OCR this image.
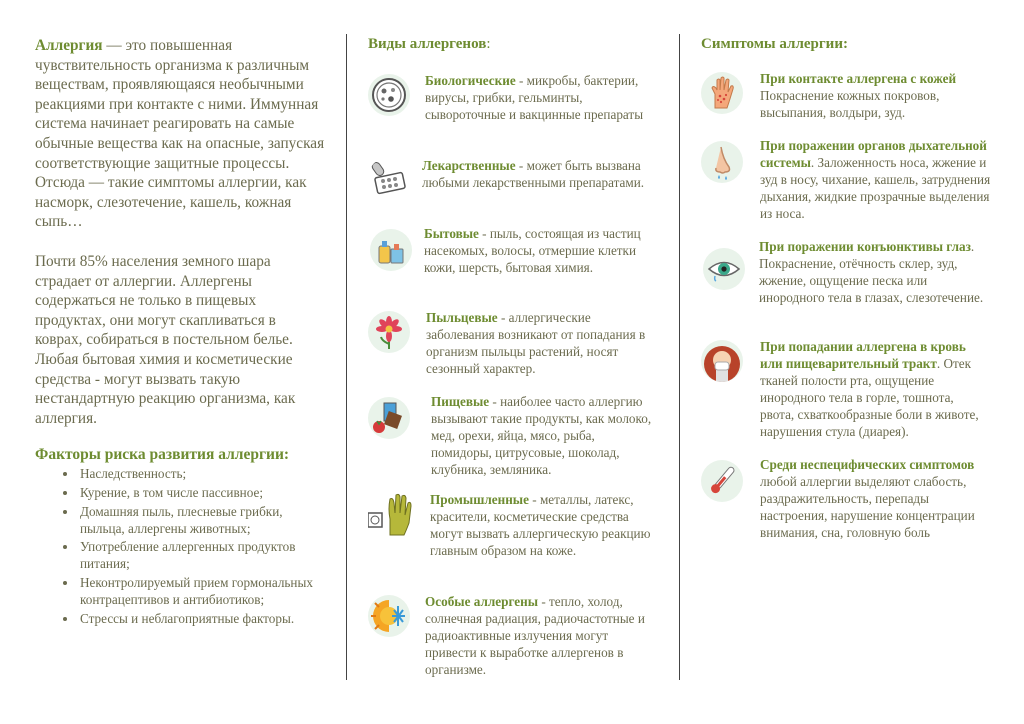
Аллергия — это повышенная чувствительность организма к различным веществам, проявляющаяся необычными реакциями при контакте с ними. Иммунная система начинает реагировать на самые обычные вещества как на опасные, запуская соответствующие защитные процессы. Отсюда — такие симптомы аллергии, как насморк, слезотечение, кашель, кожная сыпь…

Почти 85% населения земного шара страдает от аллергии. Аллергены содержаться не только в пищевых продуктах, они могут скапливаться в коврах, собираться в постельном белье. Любая бытовая химия и косметические средства - могут вызвать такую нестандартную реакцию организма, как аллергия.

Факторы риска развития аллергии:
• Наследственность;
• Курение, в том числе пассивное;
• Домашняя пыль, плесневые грибки, пыльца, аллергены животных;
• Употребление аллергенных продуктов питания;
• Неконтролируемый прием гормональных контрацептивов и антибиотиков;
• Стрессы и неблагоприятные факторы.
Виды аллергенов:

Биологические - микробы, бактерии, вирусы, грибки, гельминты, сывороточные и вакцинные препараты

Лекарственные - может быть вызвана любыми лекарственными препаратами.

Бытовые - пыль, состоящая из частиц насекомых, волосы, отмершие клетки кожи, шерсть, бытовая химия.

Пыльцевые - аллергические заболевания возникают от попадания в организм пыльцы растений, носят сезонный характер.

Пищевые - наиболее часто аллергию вызывают такие продукты, как молоко, мед, орехи, яйца, мясо, рыба, помидоры, цитрусовые, шоколад, клубника, земляника.

Промышленные - металлы, латекс, красители, косметические средства могут вызвать аллергическую реакцию главным образом на коже.

Особые аллергены - тепло, холод, солнечная радиация, радиочастотные и радиоактивные излучения могут привести к выработке аллергенов в организме.

Симптомы аллергии:

При контакте аллергена с кожей Покраснение кожных покровов, высыпания, волдыри, зуд.

При поражении органов дыхательной системы. Заложенность носа, жжение и зуд в носу, чихание, кашель, затруднения дыхания, жидкие прозрачные выделения из носа.

При поражении конъюнктивы глаз. Покраснение, отёчность склер, зуд, жжение, ощущение песка или инородного тела в глазах, слезотечение.

При попадании аллергена в кровь или пищеварительный тракт. Отек тканей полости рта, ощущение инородного тела в горле, тошнота, рвота, схваткообразные боли в животе, нарушения стула (диарея).

Среди неспецифических симптомов любой аллергии выделяют слабость, раздражительность, перепады настроения, нарушение концентрации внимания, сна, головную боль
